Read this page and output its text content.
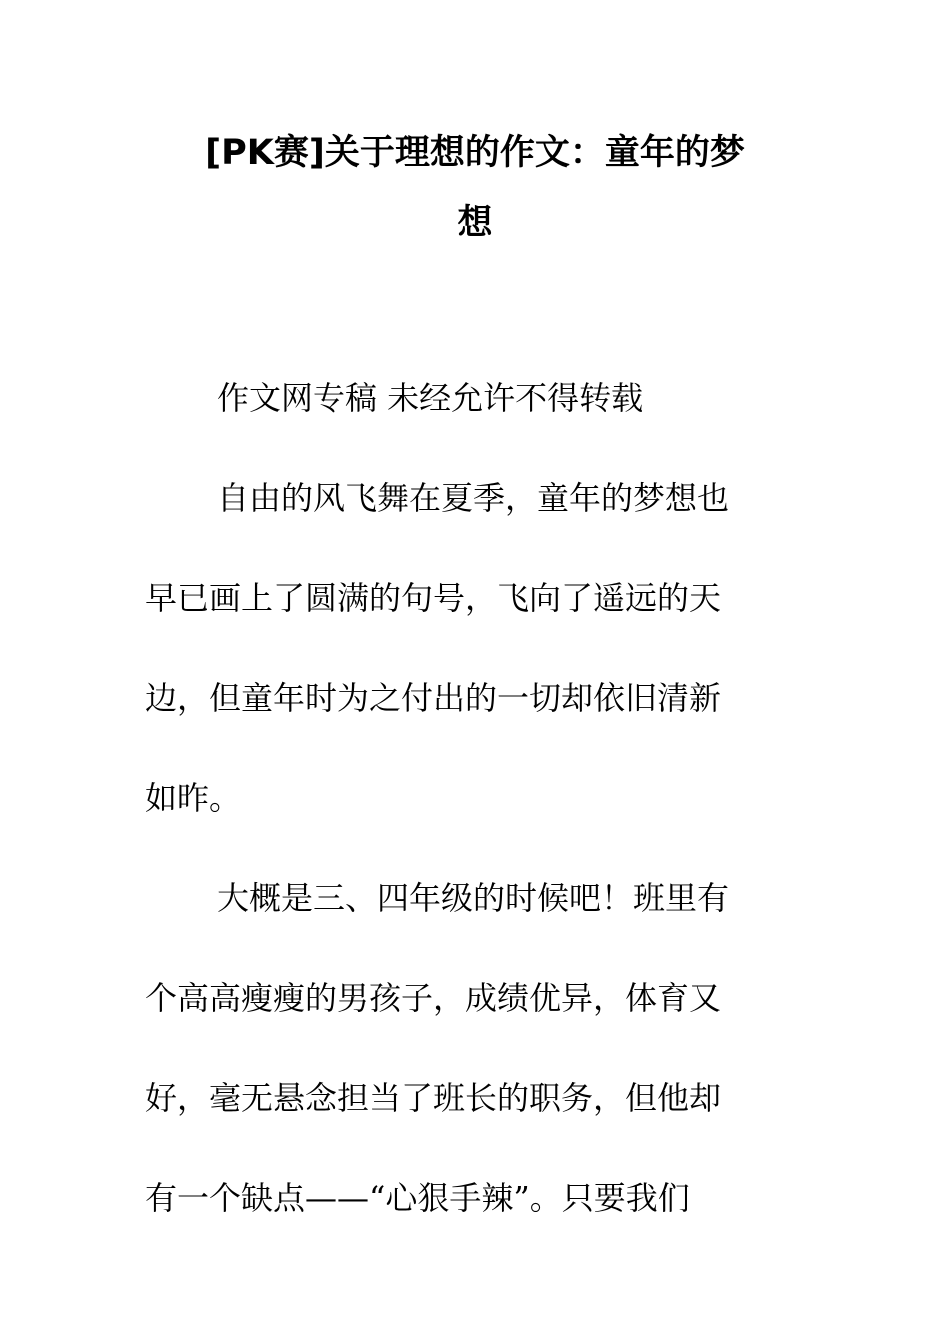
[PK赛]关于理想的作文：童年的梦
想
作文网专稿 未经允许不得转载
自由的风飞舞在夏季，童年的梦想也
早已画上了圆满的句号，飞向了遥远的天
边，但童年时为之付出的一切却依旧清新
如昨。
大概是三、四年级的时候吧！班里有
个高高瘦瘦的男孩子，成绩优异，体育又
好，毫无悬念担当了班长的职务，但他却
有一个缺点——“心狠手辣”。只要我们
